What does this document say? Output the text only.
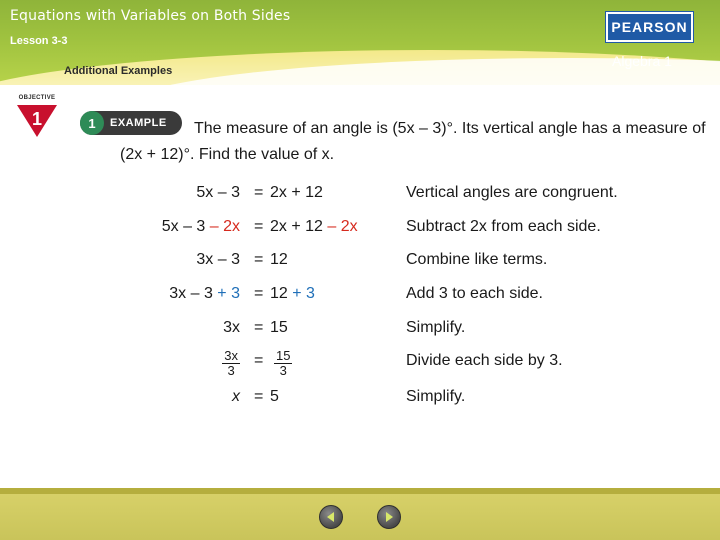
Equations with Variables on Both Sides
Lesson 3-3
Additional Examples
PEARSON
Algebra 1
OBJECTIVE
1	1	EXAMPLE	The measure of an angle is (5x – 3)°. Its vertical angle has a measure of (2x + 12)°. Find the value of x.
5x – 3 = 2x + 12	Vertical angles are congruent.
5x – 3 – 2x = 2x + 12 – 2x	Subtract 2x from each side.
3x – 3 = 12	Combine like terms.
3x – 3 + 3 = 12 + 3	Add 3 to each side.
3x = 15	Simplify.
$\frac{3x}{3} = \frac{15}{3}$	Divide each side by 3.
x = 5	Simplify.
